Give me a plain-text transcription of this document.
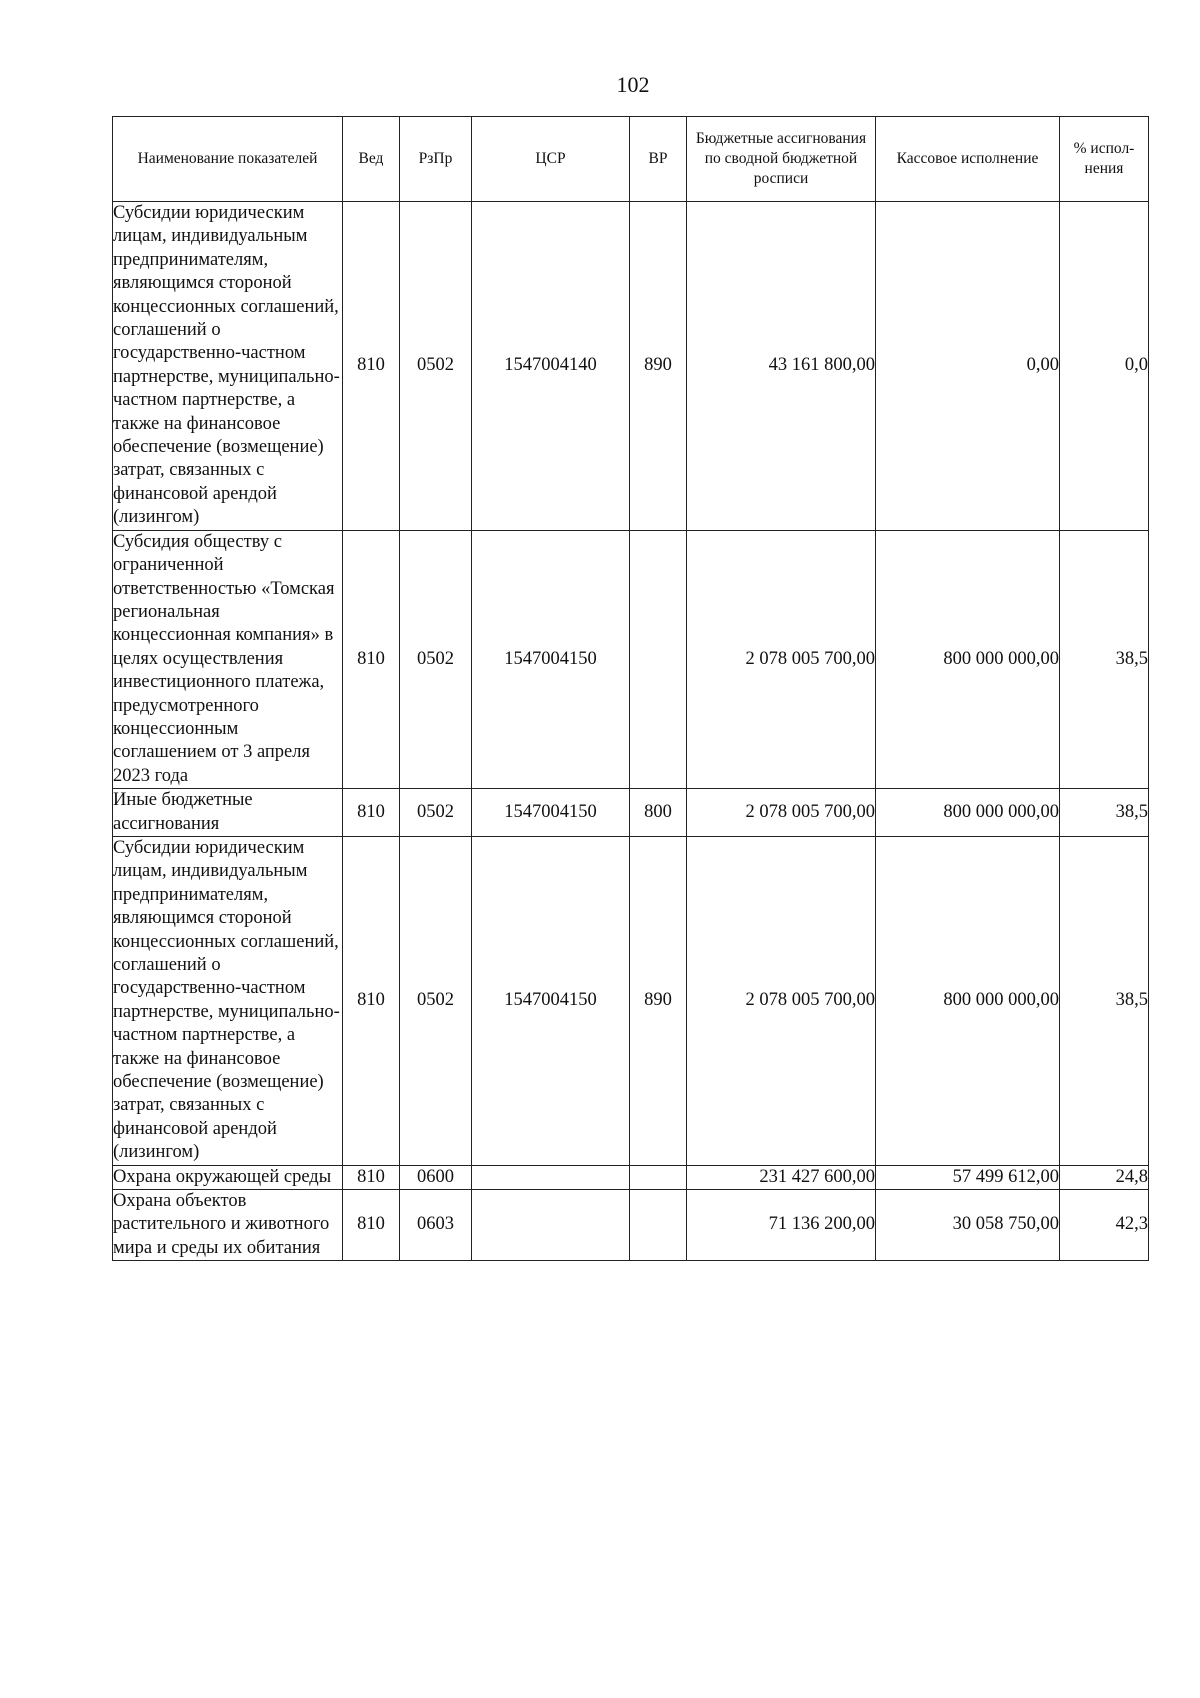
102
Наименование показателей	Вед	РзПр	ЦСР	ВР	Бюджетные ассигнования по сводной бюджетной росписи	Кассовое исполнение	% испол-нения
Субсидии юридическим лицам, индивидуальным предпринимателям, являющимся стороной концессионных соглашений, соглашений о государственно-частном партнерстве, муниципально-частном партнерстве, а также на финансовое обеспечение (возмещение) затрат, связанных с финансовой арендой (лизингом)	810	0502	1547004140	890	43 161 800,00	0,00	0,0
Субсидия обществу с ограниченной ответственностью «Томская региональная концессионная компания» в целях осуществления инвестиционного платежа, предусмотренного концессионным соглашением от 3 апреля 2023 года	810	0502	1547004150		2 078 005 700,00	800 000 000,00	38,5
Иные бюджетные ассигнования	810	0502	1547004150	800	2 078 005 700,00	800 000 000,00	38,5
Субсидии юридическим лицам, индивидуальным предпринимателям, являющимся стороной концессионных соглашений, соглашений о государственно-частном партнерстве, муниципально-частном партнерстве, а также на финансовое обеспечение (возмещение) затрат, связанных с финансовой арендой (лизингом)	810	0502	1547004150	890	2 078 005 700,00	800 000 000,00	38,5
Охрана окружающей среды	810	0600			231 427 600,00	57 499 612,00	24,8
Охрана объектов растительного и животного мира и среды их обитания	810	0603			71 136 200,00	30 058 750,00	42,3
